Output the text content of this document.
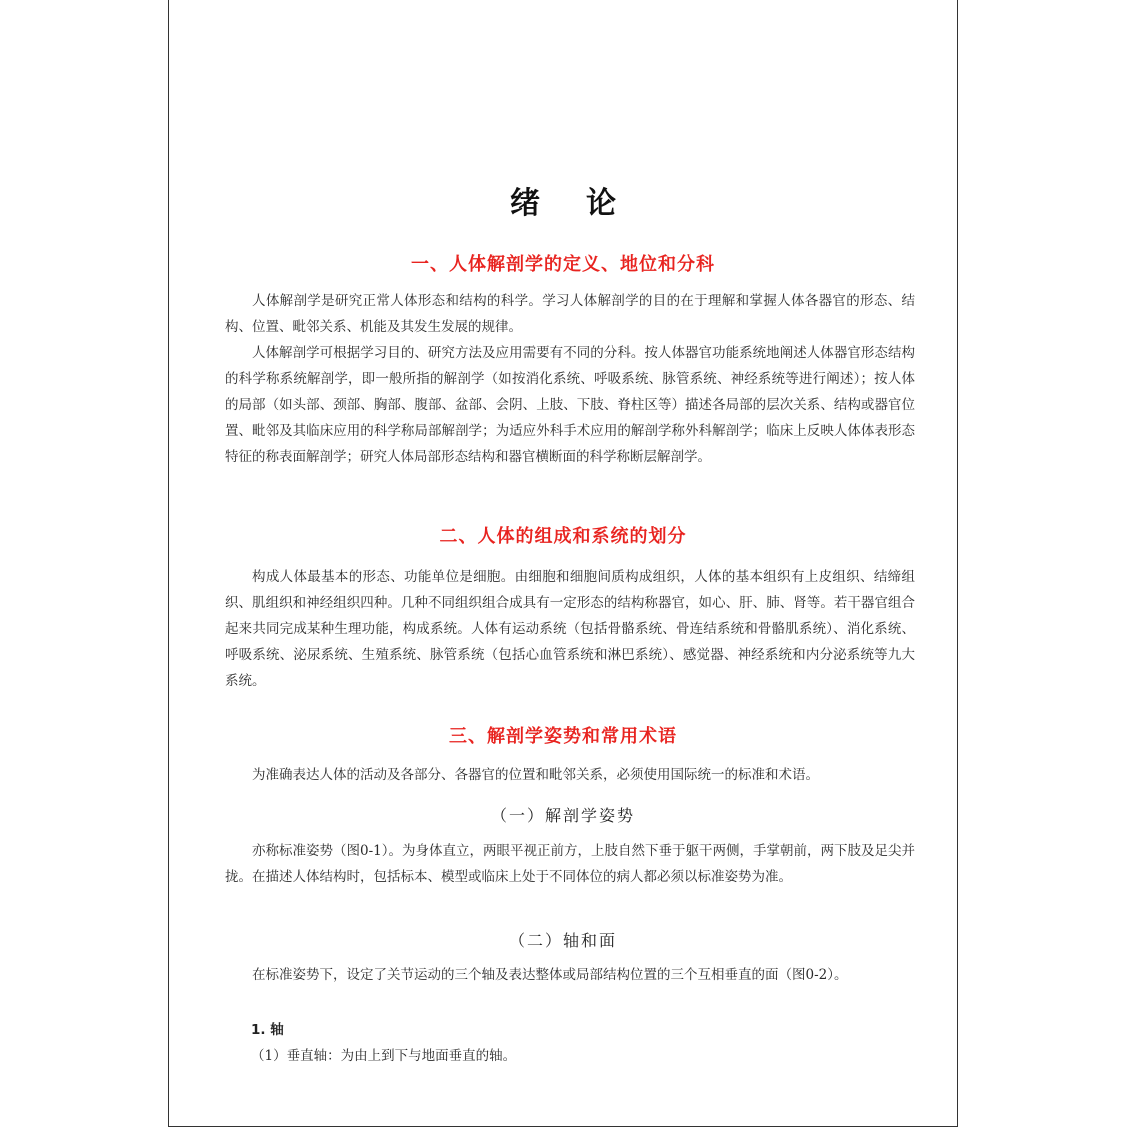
绪论
一、人体解剖学的定义、地位和分科

人体解剖学是研究正常人体形态和结构的科学。学习人体解剖学的目的在于理解和掌握人体各器官的形态、结构、位置、毗邻关系、机能及其发生发展的规律。

人体解剖学可根据学习目的、研究方法及应用需要有不同的分科。按人体器官功能系统地阐述人体器官形态结构的科学称系统解剖学，即一般所指的解剖学（如按消化系统、呼吸系统、脉管系统、神经系统等进行阐述）；按人体的局部（如头部、颈部、胸部、腹部、盆部、会阴、上肢、下肢、脊柱区等）描述各局部的层次关系、结构或器官位置、毗邻及其临床应用的科学称局部解剖学；为适应外科手术应用的解剖学称外科解剖学；临床上反映人体体表形态特征的称表面解剖学；研究人体局部形态结构和器官横断面的科学称断层解剖学。

二、人体的组成和系统的划分

构成人体最基本的形态、功能单位是细胞。由细胞和细胞间质构成组织，人体的基本组织有上皮组织、结缔组织、肌组织和神经组织四种。几种不同组织组合成具有一定形态的结构称器官，如心、肝、肺、肾等。若干器官组合起来共同完成某种生理功能，构成系统。人体有运动系统（包括骨骼系统、骨连结系统和骨骼肌系统）、消化系统、呼吸系统、泌尿系统、生殖系统、脉管系统（包括心血管系统和淋巴系统）、感觉器、神经系统和内分泌系统等九大系统。

三、解剖学姿势和常用术语

为准确表达人体的活动及各部分、各器官的位置和毗邻关系，必须使用国际统一的标准和术语。

（一）解剖学姿势

亦称标准姿势（图0-1）。为身体直立，两眼平视正前方，上肢自然下垂于躯干两侧，手掌朝前，两下肢及足尖并拢。在描述人体结构时，包括标本、模型或临床上处于不同体位的病人都必须以标准姿势为准。

（二）轴和面

在标准姿势下，设定了关节运动的三个轴及表达整体或局部结构位置的三个互相垂直的面（图0-2）。

1. 轴
（1）垂直轴：为由上到下与地面垂直的轴。
